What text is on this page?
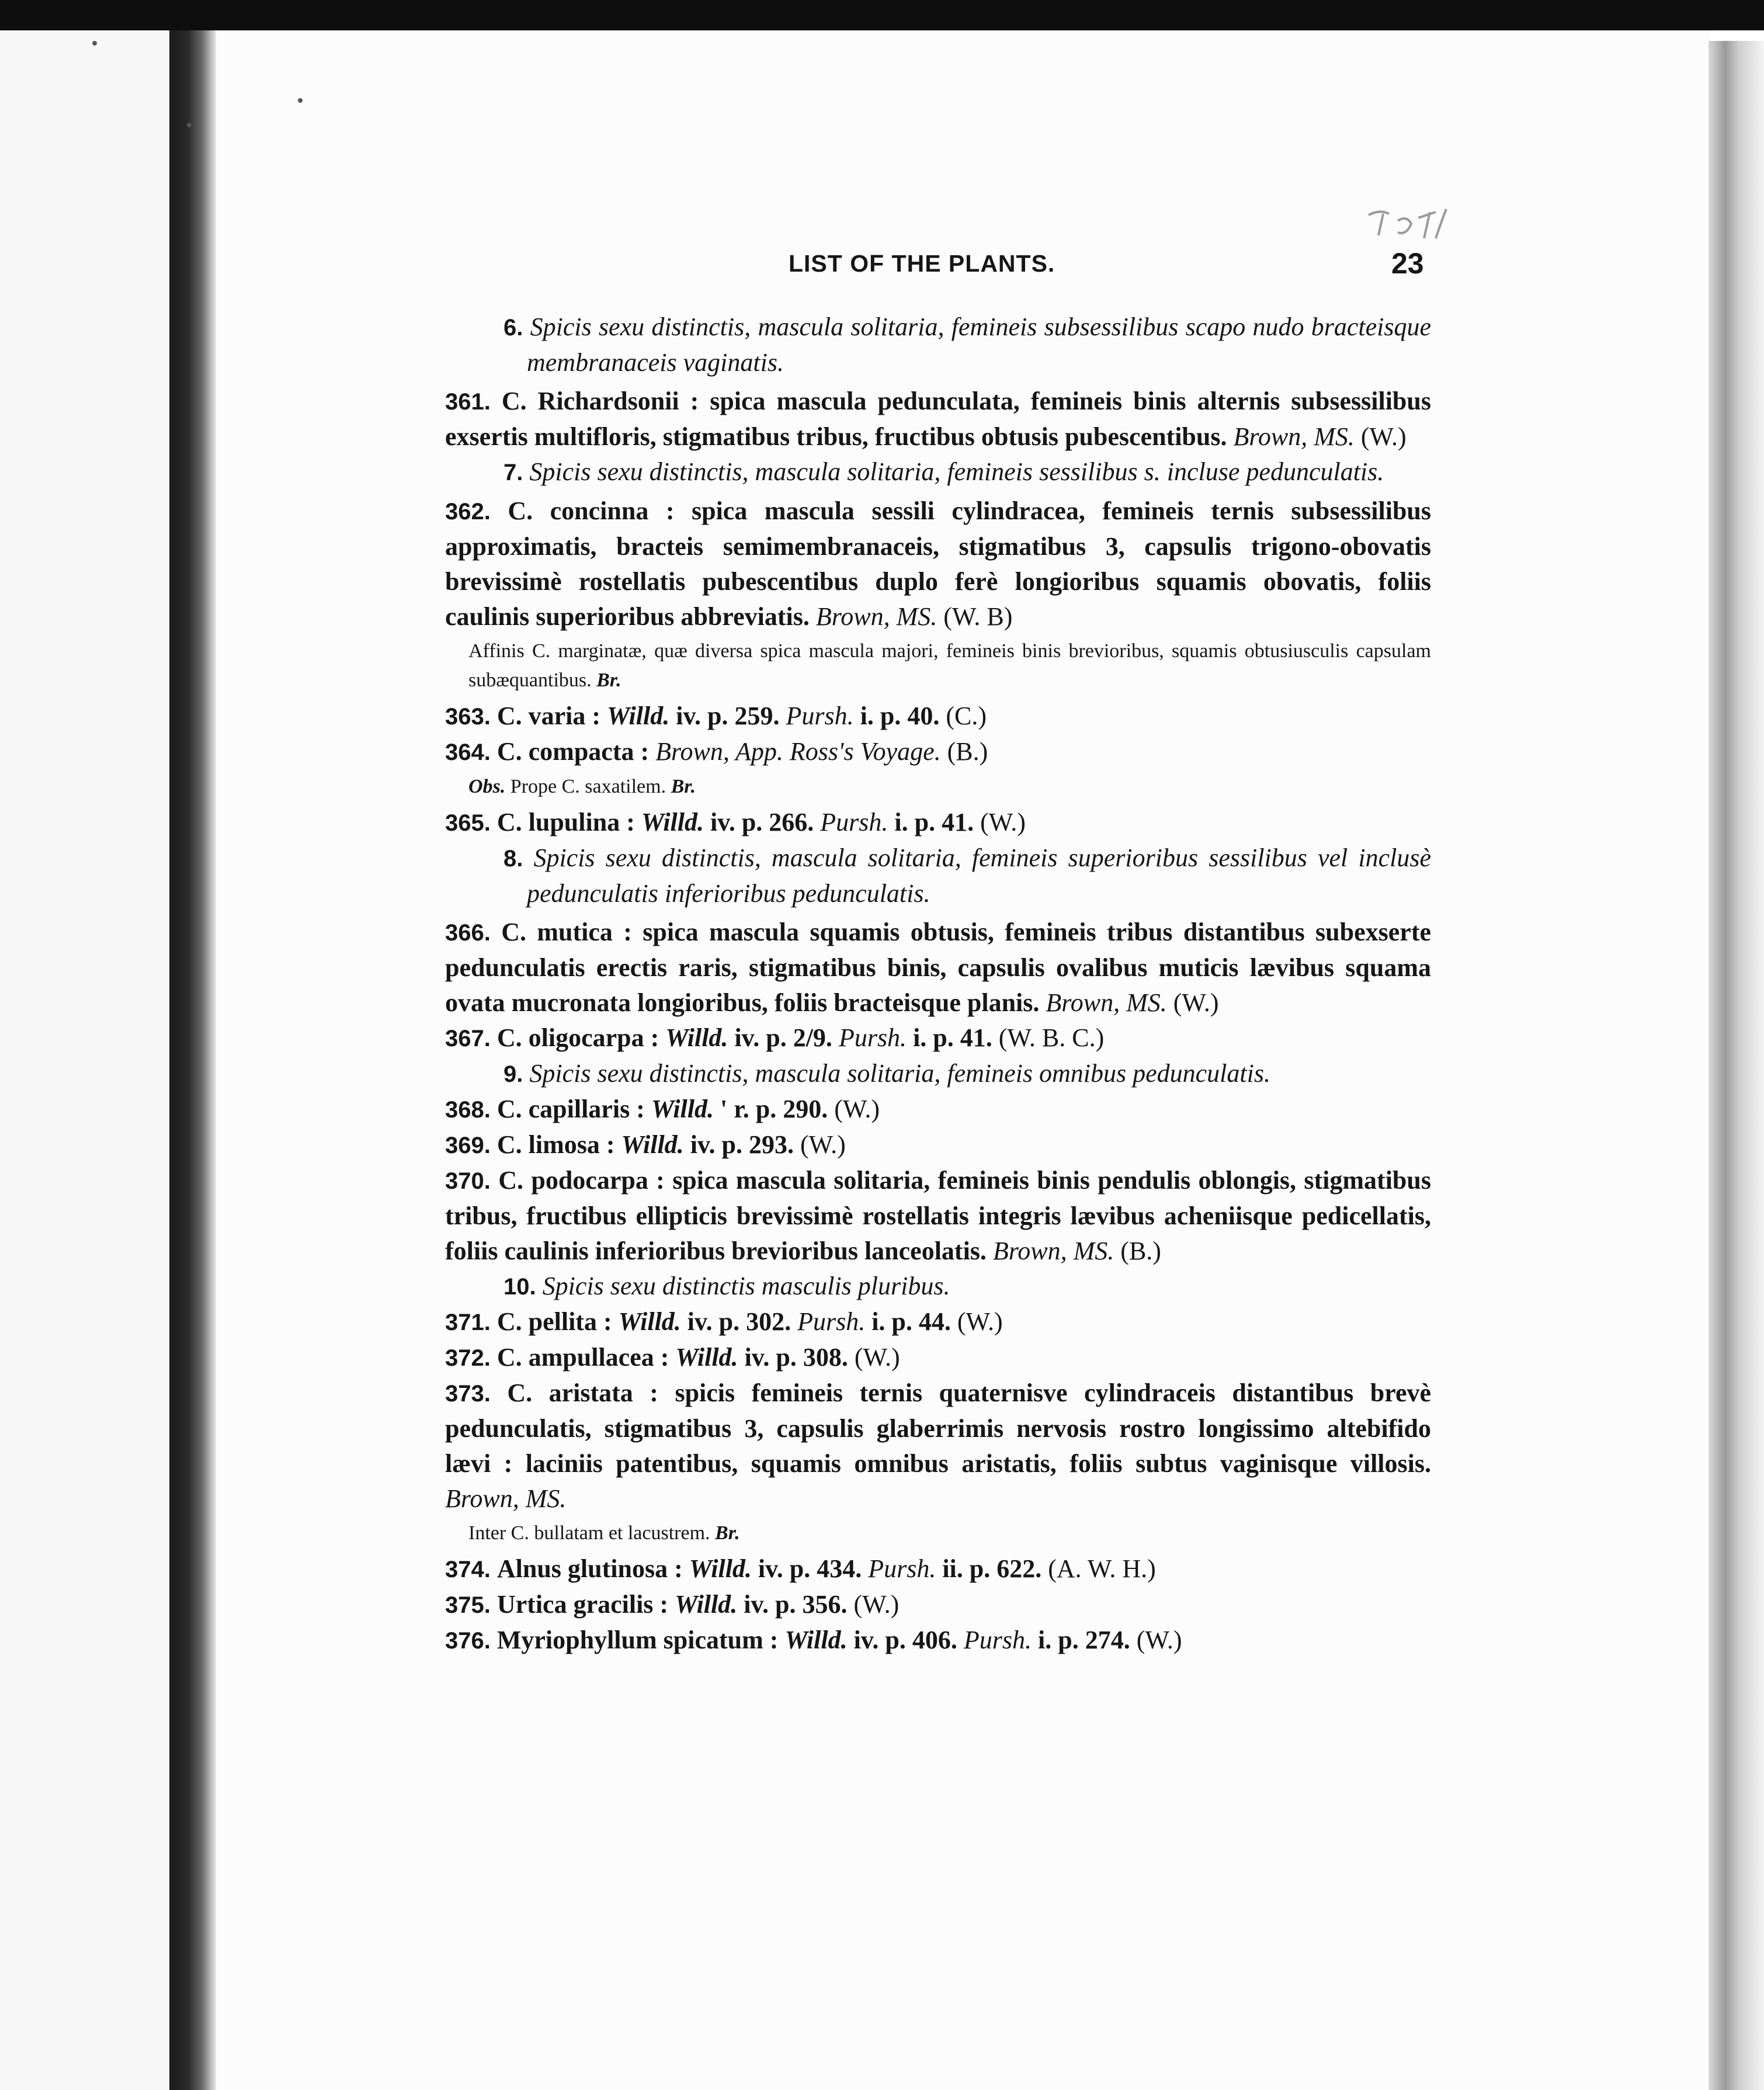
LIST OF THE PLANTS.	23

6. Spicis sexu distinctis, mascula solitaria, femineis subsessilibus scapo nudo bracteisque membranaceis vaginatis.

361. C. Richardsonii : spica mascula pedunculata, femineis binis alternis subsessilibus exsertis multifloris, stigmatibus tribus, fructibus obtusis pubescentibus. Brown, MS. (W.)

7. Spicis sexu distinctis, mascula solitaria, femineis sessilibus s. incluse pedunculatis.

362. C. concinna : spica mascula sessili cylindracea, femineis ternis subsessilibus approximatis, bracteis semimembranaceis, stigmatibus 3, capsulis trigono-obovatis brevissimè rostellatis pubescentibus duplo ferè longioribus squamis obovatis, foliis caulinis superioribus abbreviatis. Brown, MS. (W. B)

Affinis C. marginatæ, quæ diversa spica mascula majori, femineis binis brevioribus, squamis obtusiusculis capsulam subæquantibus. Br.

363. C. varia : Willd. iv. p. 259. Pursh. i. p. 40. (C.)

364. C. compacta : Brown, App. Ross's Voyage. (B.)

Obs. Prope C. saxatilem. Br.

365. C. lupulina : Willd. iv. p. 266. Pursh. i. p. 41. (W.)

8. Spicis sexu distinctis, mascula solitaria, femineis superioribus sessilibus vel inclusè pedunculatis inferioribus pedunculatis.

366. C. mutica : spica mascula squamis obtusis, femineis tribus distantibus subexserte pedunculatis erectis raris, stigmatibus binis, capsulis ovalibus muticis lævibus squama ovata mucronata longioribus, foliis bracteisque planis. Brown, MS. (W.)

367. C. oligocarpa : Willd. iv. p. 2/9. Pursh. i. p. 41. (W. B. C.)

9. Spicis sexu distinctis, mascula solitaria, femineis omnibus pedunculatis.

368. C. capillaris : Willd. ' r. p. 290. (W.)

369. C. limosa : Willd. iv. p. 293. (W.)

370. C. podocarpa : spica mascula solitaria, femineis binis pendulis oblongis, stigmatibus tribus, fructibus ellipticis brevissimè rostellatis integris lævibus acheniisque pedicellatis, foliis caulinis inferioribus brevioribus lanceolatis. Brown, MS. (B.)

10. Spicis sexu distinctis masculis pluribus.

371. C. pellita : Willd. iv. p. 302. Pursh. i. p. 44. (W.)

372. C. ampullacea : Willd. iv. p. 308. (W.)

373. C. aristata : spicis femineis ternis quaternisve cylindraceis distantibus brevè pedunculatis, stigmatibus 3, capsulis glaberrimis nervosis rostro longissimo altebifido lævi : laciniis patentibus, squamis omnibus aristatis, foliis subtus vaginisque villosis. Brown, MS.

Inter C. bullatam et lacustrem. Br.

374. Alnus glutinosa : Willd. iv. p. 434. Pursh. ii. p. 622. (A. W. H.)

375. Urtica gracilis : Willd. iv. p. 356. (W.)

376. Myriophyllum spicatum : Willd. iv. p. 406. Pursh. i. p. 274. (W.)
